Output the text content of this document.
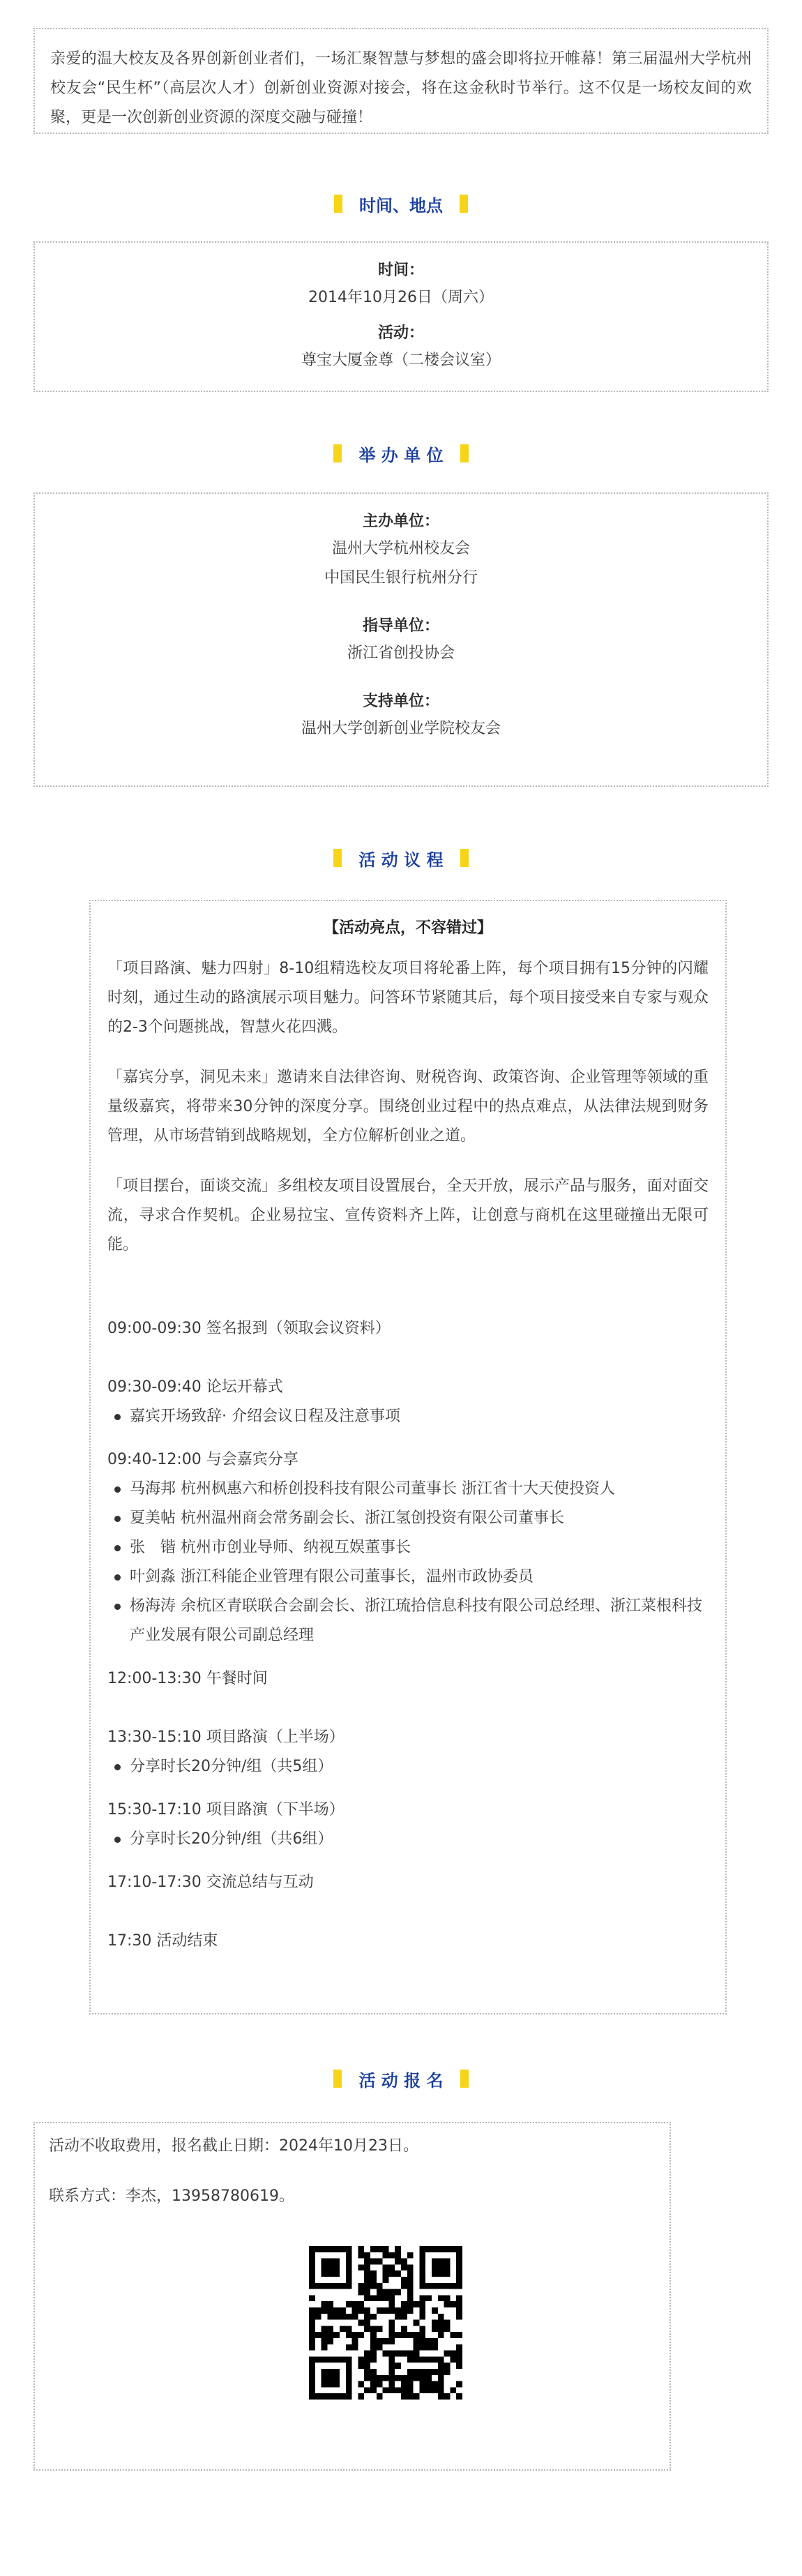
亲爱的温大校友及各界创新创业者们，一场汇聚智慧与梦想的盛会即将拉开帷幕！第三届温州大学杭州校友会“民生杯”（高层次人才）创新创业资源对接会，将在这金秋时节举行。这不仅是一场校友间的欢聚，更是一次创新创业资源的深度交融与碰撞！

时间、地点
时间：
2014年10月26日（周六）
活动：
尊宝大厦金尊（二楼会议室）
举 办 单 位
主办单位：
温州大学杭州校友会
中国民生银行杭州分行
指导单位：
浙江省创投协会
支持单位：
温州大学创新创业学院校友会
活 动 议 程
【活动亮点，不容错过】

「项目路演、魅力四射」8-10组精选校友项目将轮番上阵，每个项目拥有15分钟的闪耀时刻，通过生动的路演展示项目魅力。问答环节紧随其后，每个项目接受来自专家与观众的2-3个问题挑战，智慧火花四溅。

「嘉宾分享，洞见未来」邀请来自法律咨询、财税咨询、政策咨询、企业管理等领域的重量级嘉宾，将带来30分钟的深度分享。围绕创业过程中的热点难点，从法律法规到财务管理，从市场营销到战略规划，全方位解析创业之道。

「项目摆台，面谈交流」多组校友项目设置展台，全天开放，展示产品与服务，面对面交流，寻求合作契机。企业易拉宝、宣传资料齐上阵，让创意与商机在这里碰撞出无限可能。

09:00-09:30 签名报到（领取会议资料）
09:30-09:40 论坛开幕式
嘉宾开场致辞· 介绍会议日程及注意事项
09:40-12:00 与会嘉宾分享
马海邦 杭州枫惠六和桥创投科技有限公司董事长 浙江省十大天使投资人
夏美帖 杭州温州商会常务副会长、浙江氢创投资有限公司董事长
张　锴 杭州市创业导师、纳视互娱董事长
叶剑淼 浙江科能企业管理有限公司董事长，温州市政协委员
杨海涛 余杭区青联联合会副会长、浙江琉拾信息科技有限公司总经理、浙江菜根科技产业发展有限公司副总经理
12:00-13:30 午餐时间
13:30-15:10 项目路演（上半场）
分享时长20分钟/组（共5组）
15:30-17:10 项目路演（下半场）
分享时长20分钟/组（共6组）
17:10-17:30 交流总结与互动
17:30 活动结束
活 动 报 名

活动不收取费用，报名截止日期：2024年10月23日。

联系方式：李杰，13958780619。
